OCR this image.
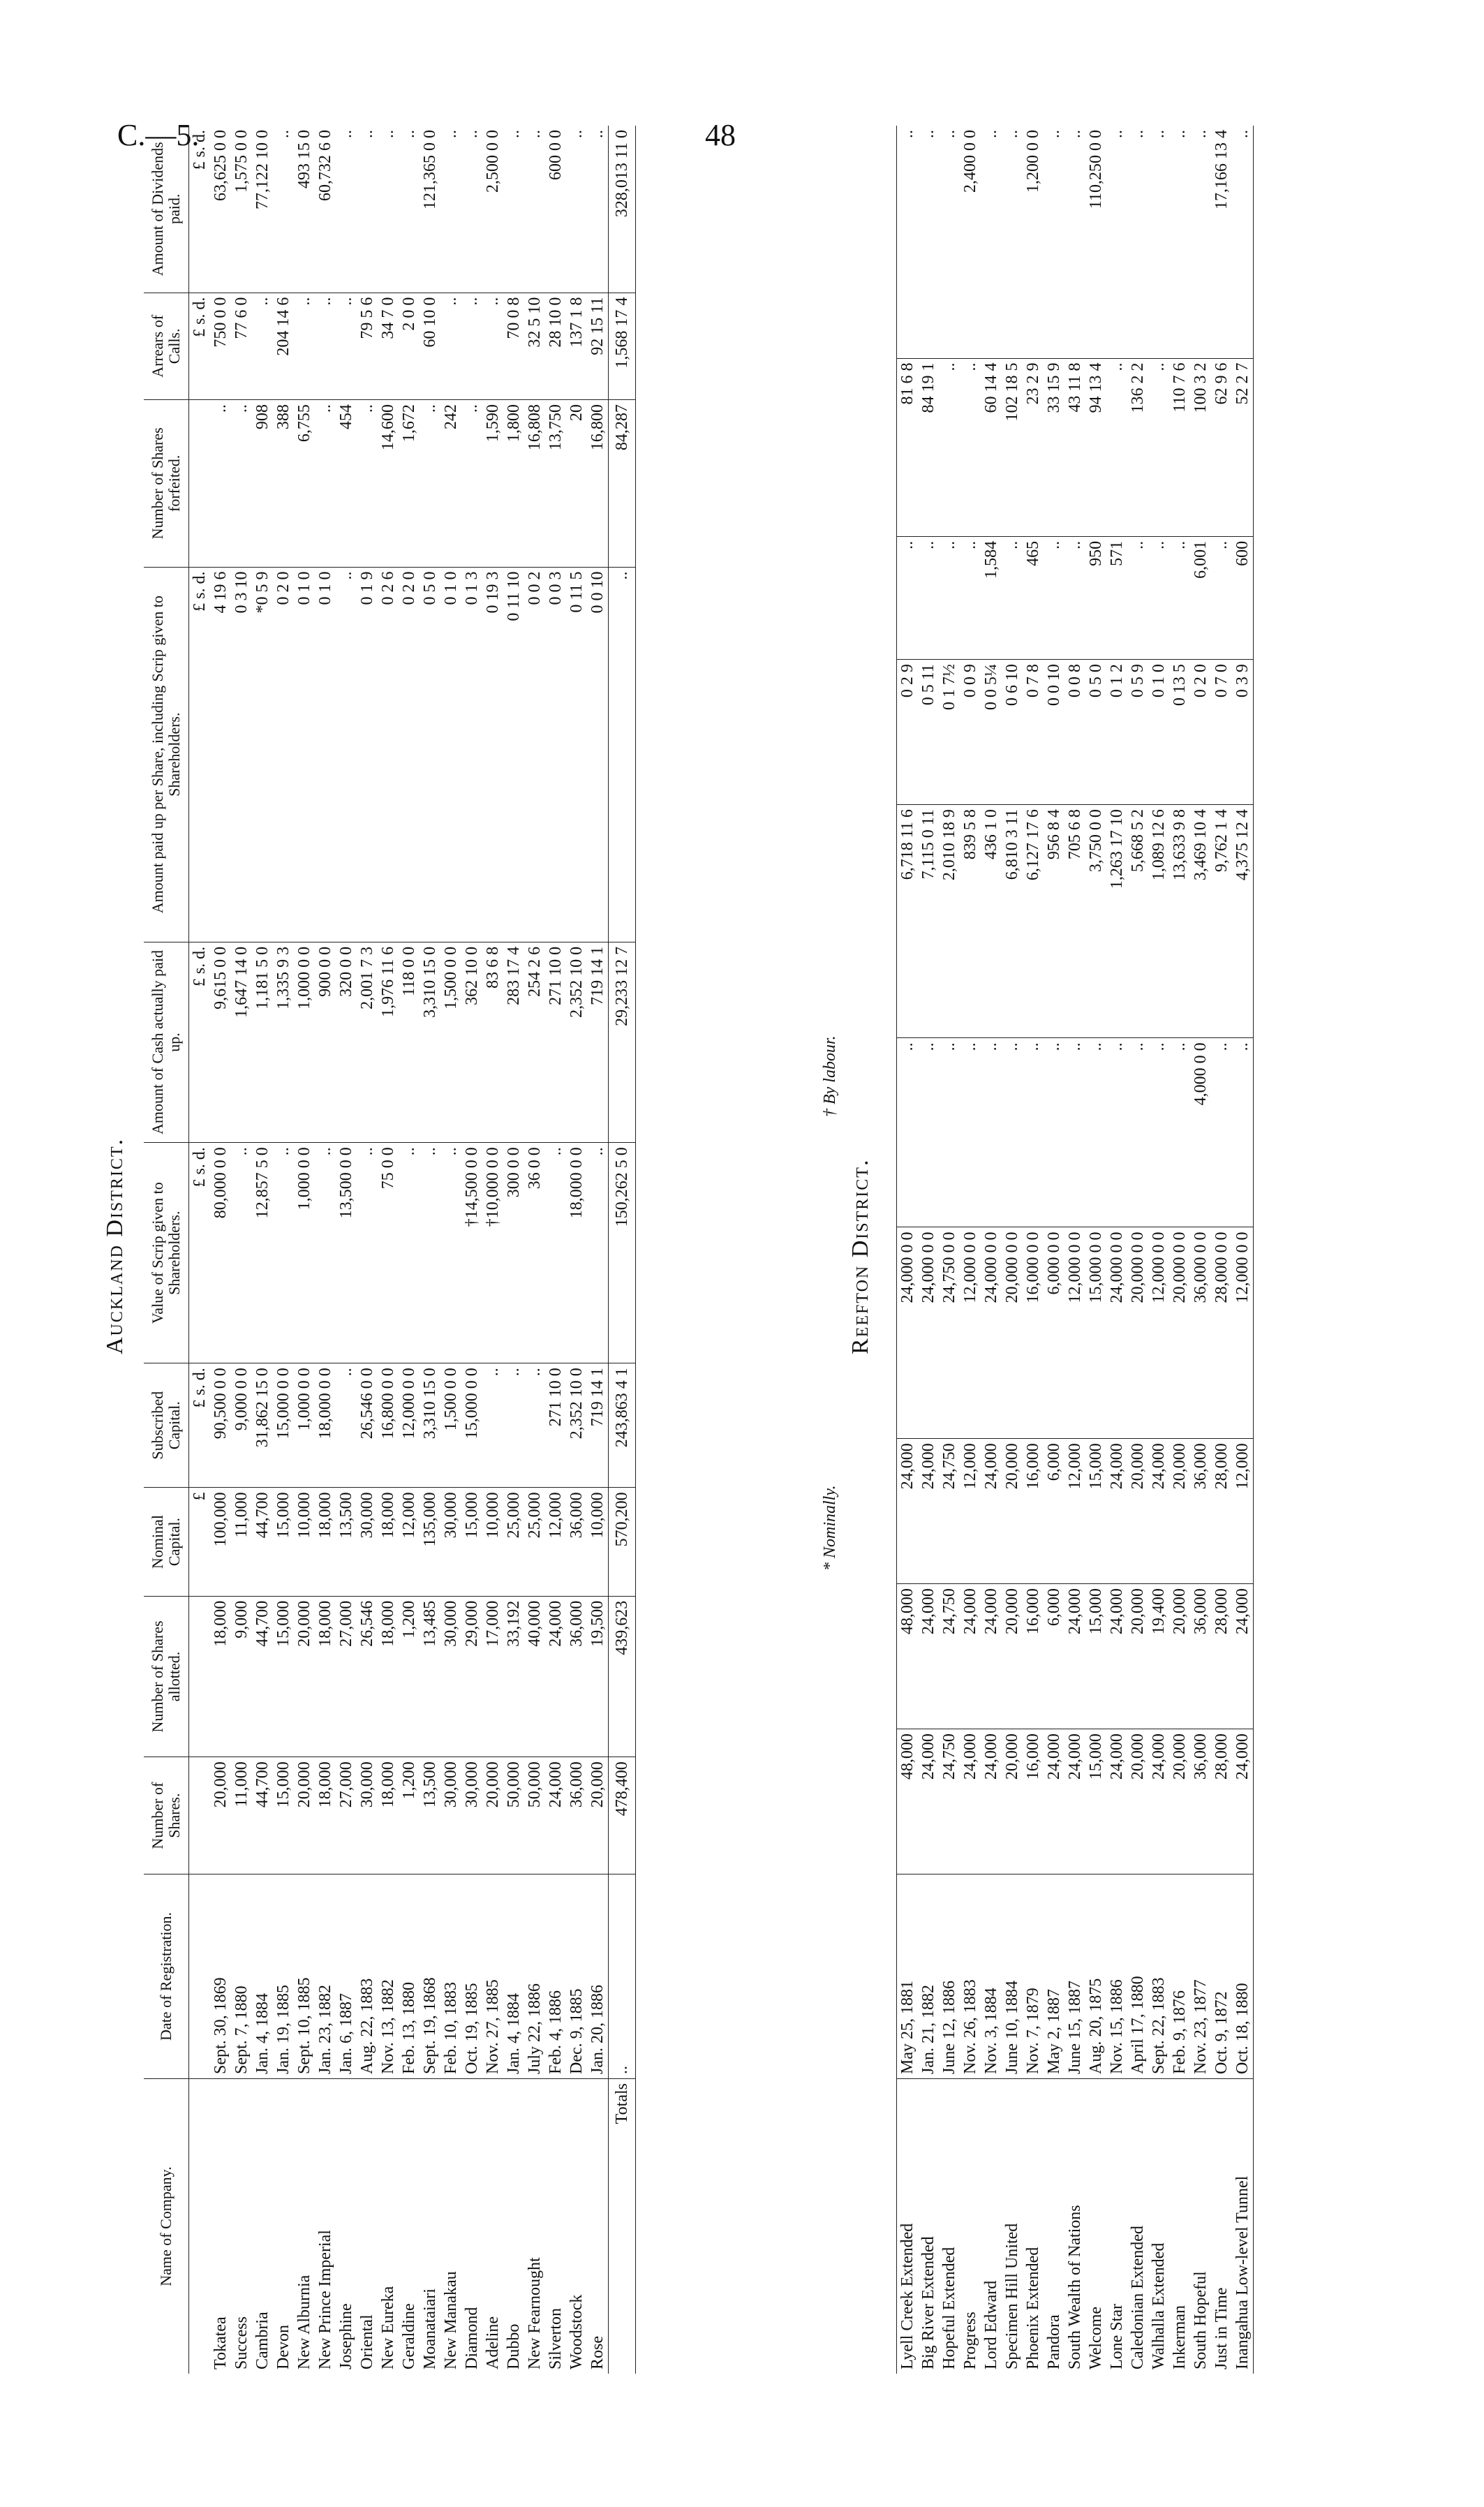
C.—5.	48
Auckland District.
Name of Company.	Date of Registration.	Number of Shares.	Number of Shares allotted.	Nominal Capital.	Subscribed Capital.	Value of Scrip given to Shareholders.	Amount of Cash actually paid up.	Amount paid up per Share, including Scrip given to Shareholders.	Number of Shares forfeited.	Arrears of Calls.	Amount of Dividends paid.
				£	£ s. d.	£ s. d.	£ s. d.	£ s. d.		£ s. d.	£ s. d.
Tokatea	Sept. 30, 1869	20,000	18,000	100,000	90,500 0 0	80,000 0 0	9,615 0 0	4 19 6	..	750 0 0	63,625 0 0
Success	Sept. 7, 1880	11,000	9,000	11,000	9,000 0 0	..	1,647 14 0	0 3 10	..	77 6 0	1,575 0 0
Cambria	Jan. 4, 1884	44,700	44,700	44,700	31,862 15 0	12,857 5 0	1,181 5 0	*0 5 9	908	..	77,122 10 0
Devon	Jan. 19, 1885	15,000	15,000	15,000	15,000 0 0	..	1,335 9 3	0 2 0	388	204 14 6	..
New Alburnia	Sept. 10, 1885	20,000	20,000	10,000	1,000 0 0	1,000 0 0	1,000 0 0	0 1 0	6,755	..	493 15 0
New Prince Imperial	Jan. 23, 1882	18,000	18,000	18,000	18,000 0 0	..	900 0 0	0 1 0	..	..	60,732 6 0
Josephine	Jan. 6, 1887	27,000	27,000	13,500	..	13,500 0 0	320 0 0	..	454	..	..
Oriental	Aug. 22, 1883	30,000	26,546	30,000	26,546 0 0	..	2,001 7 3	0 1 9	..	79 5 6	..
New Eureka	Nov. 13, 1882	18,000	18,000	18,000	16,800 0 0	75 0 0	1,976 11 6	0 2 6	14,600	34 7 0	..
Geraldine	Feb. 13, 1880	1,200	1,200	12,000	12,000 0 0	..	118 0 0	0 2 0	1,672	2 0 0	..
Moanataiari	Sept. 19, 1868	13,500	13,485	135,000	3,310 15 0	..	3,310 15 0	0 5 0	..	60 10 0	121,365 0 0
New Manakau	Feb. 10, 1883	30,000	30,000	30,000	1,500 0 0	..	1,500 0 0	0 1 0	242	..	..
Diamond	Oct. 19, 1885	30,000	29,000	15,000	15,000 0 0	†14,500 0 0	362 10 0	0 1 3	..	..	..
Adeline	Nov. 27, 1885	20,000	17,000	10,000	..	†10,000 0 0	83 6 8	0 19 3	1,590	..	2,500 0 0
Dubbo	Jan. 4, 1884	50,000	33,192	25,000	..	300 0 0	283 17 4	0 11 10	1,800	70 0 8	..
New Fearnought	July 22, 1886	50,000	40,000	25,000	..	36 0 0	254 2 6	0 0 2	16,808	32 5 10	..
Silverton	Feb. 4, 1886	24,000	24,000	12,000	271 10 0	..	271 10 0	0 0 3	13,750	28 10 0	600 0 0
Woodstock	Dec. 9, 1885	36,000	36,000	36,000	2,352 10 0	18,000 0 0	2,352 10 0	0 11 5	20	137 1 8	..
Rose	Jan. 20, 1886	20,000	19,500	10,000	719 14 1	..	719 14 1	0 0 10	16,800	92 15 11	..
Totals	..	478,400	439,623	570,200	243,863 4 1	150,262 5 0	29,233 12 7	..	84,287	1,568 17 4	328,013 11 0
* Nominally.
† By labour.
Reefton District.
Lyell Creek Extended	May 25, 1881	48,000	48,000	24,000	24,000 0 0	..	6,718 11 6	0 2 9	..	81 6 8	..
Big River Extended	Jan. 21, 1882	24,000	24,000	24,000	24,000 0 0	..	7,115 0 11	0 5 11	..	84 19 1	..
Hopeful Extended	June 12, 1886	24,750	24,750	24,750	24,750 0 0	..	2,010 18 9	0 1 7½	..	..	..
Progress	Nov. 26, 1883	24,000	24,000	12,000	12,000 0 0	..	839 5 8	0 0 9	..	..	2,400 0 0
Lord Edward	Nov. 3, 1884	24,000	24,000	24,000	24,000 0 0	..	436 1 0	0 0 5¼	1,584	60 14 4	..
Specimen Hill United	June 10, 1884	20,000	20,000	20,000	20,000 0 0	..	6,810 3 11	0 6 10	..	102 18 5	..
Phoenix Extended	Nov. 7, 1879	16,000	16,000	16,000	16,000 0 0	..	6,127 17 6	0 7 8	465	23 2 9	1,200 0 0
Pandora	May 2, 1887	24,000	6,000	6,000	6,000 0 0	..	956 8 4	0 0 10	..	33 15 9	..
South Wealth of Nations	June 15, 1887	24,000	24,000	12,000	12,000 0 0	..	705 6 8	0 0 8	..	43 11 8	..
Welcome	Aug. 20, 1875	15,000	15,000	15,000	15,000 0 0	..	3,750 0 0	0 5 0	950	94 13 4	110,250 0 0
Lone Star	Nov. 15, 1886	24,000	24,000	24,000	24,000 0 0	..	1,263 17 10	0 1 2	571	..	..
Caledonian Extended	April 17, 1880	20,000	20,000	20,000	20,000 0 0	..	5,668 5 2	0 5 9	..	136 2 2	..
Walhalla Extended	Sept. 22, 1883	24,000	19,400	24,000	12,000 0 0	..	1,089 12 6	0 1 0	..	..	..
Inkerman	Feb. 9, 1876	20,000	20,000	20,000	20,000 0 0	..	13,633 9 8	0 13 5	..	110 7 6	..
South Hopeful	Nov. 23, 1877	36,000	36,000	36,000	36,000 0 0	4,000 0 0	3,469 10 4	0 2 0	6,001	100 3 2	..
Just in Time	Oct. 9, 1872	28,000	28,000	28,000	28,000 0 0	..	9,762 1 4	0 7 0	..	62 9 6	17,166 13 4
Inangahua Low-level Tunnel	Oct. 18, 1880	24,000	24,000	12,000	12,000 0 0	..	4,375 12 4	0 3 9	600	52 2 7	..
